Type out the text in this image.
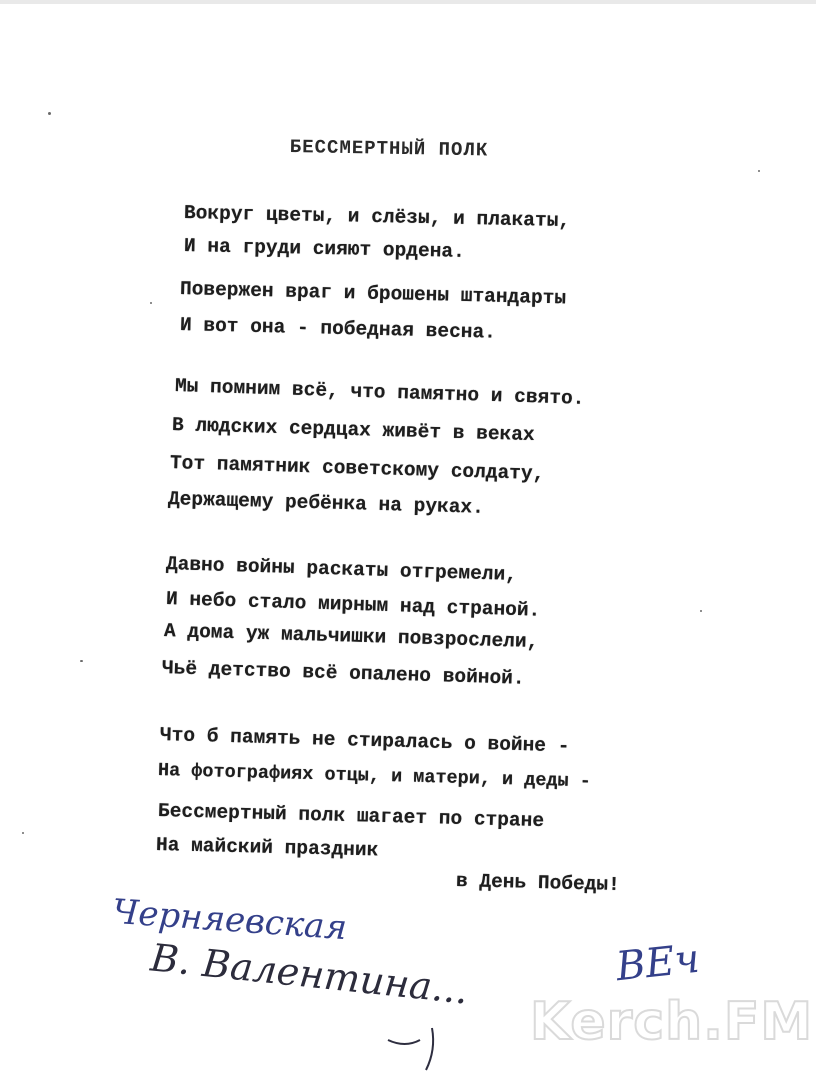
БЕССМЕРТНЫЙ ПОЛК
Вокруг цветы, и слёзы, и плакаты,
И на груди сияют ордена.
Повержен враг и брошены штандарты
И вот она - победная весна.
Мы помним всё, что памятно и свято.
В людских сердцах живёт в веках
Тот памятник советскому солдату,
Держащему ребёнка на руках.
Давно войны раскаты отгремели,
И небо стало мирным над страной.
А дома уж мальчишки повзрослели,
Чьё детство всё опалено войной.
Что б память не стиралась о войне -
На фотографиях отцы, и матери, и деды -
Бессмертный полк шагает по стране
На майский праздник
в День Победы!
Черняевская
В. Валентина...	ВЕч
Kerch.FM
